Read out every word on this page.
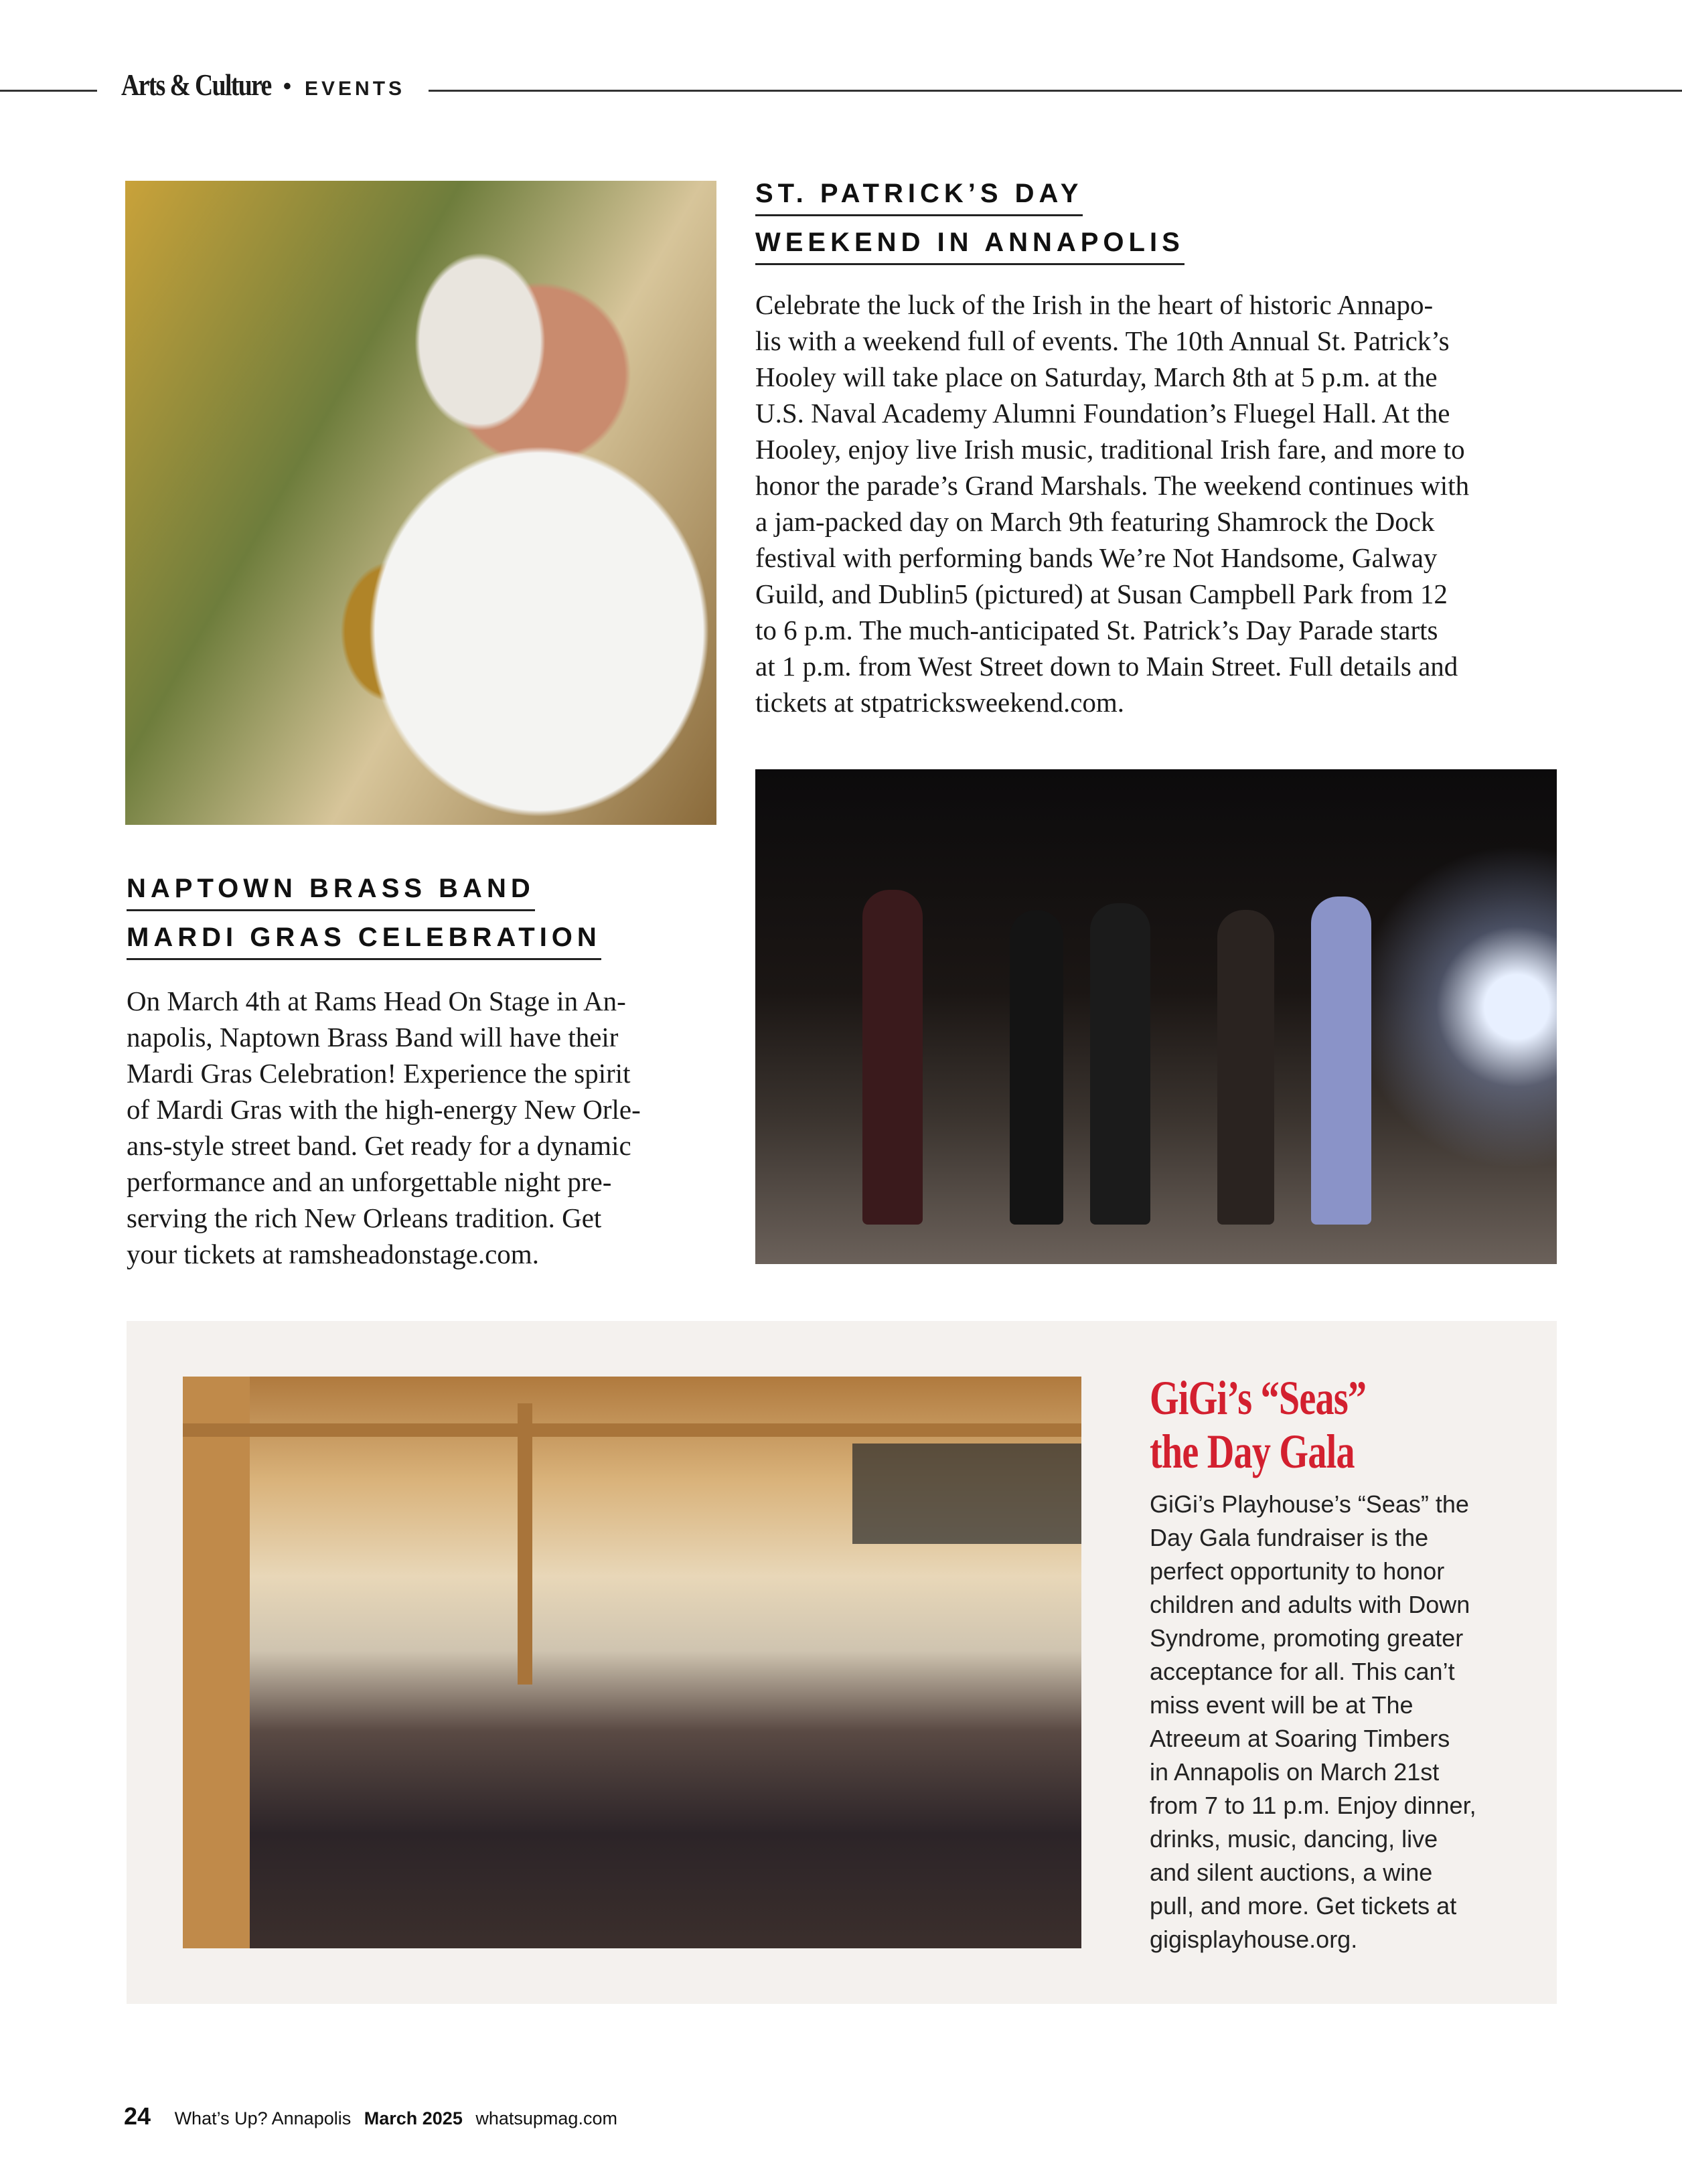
Arts & Culture • EVENTS
ST. PATRICK’S DAY
WEEKEND IN ANNAPOLIS
Celebrate the luck of the Irish in the heart of historic Annapo-
lis with a weekend full of events. The 10th Annual St. Patrick’s
Hooley will take place on Saturday, March 8th at 5 p.m. at the
U.S. Naval Academy Alumni Foundation’s Fluegel Hall. At the
Hooley, enjoy live Irish music, traditional Irish fare, and more to
honor the parade’s Grand Marshals. The weekend continues with
a jam-packed day on March 9th featuring Shamrock the Dock
festival with performing bands We’re Not Handsome, Galway
Guild, and Dublin5 (pictured) at Susan Campbell Park from 12
to 6 p.m. The much-anticipated St. Patrick’s Day Parade starts
at 1 p.m. from West Street down to Main Street. Full details and
tickets at stpatricksweekend.com.
NAPTOWN BRASS BAND
MARDI GRAS CELEBRATION
On March 4th at Rams Head On Stage in An-
napolis, Naptown Brass Band will have their
Mardi Gras Celebration! Experience the spirit
of Mardi Gras with the high-energy New Orle-
ans-style street band. Get ready for a dynamic
performance and an unforgettable night pre-
serving the rich New Orleans tradition. Get
your tickets at ramsheadonstage.com.
GiGi’s “Seas”
the Day Gala
GiGi’s Playhouse’s “Seas” the
Day Gala fundraiser is the
perfect opportunity to honor
children and adults with Down
Syndrome, promoting greater
acceptance for all. This can’t
miss event will be at The
Atreeum at Soaring Timbers
in Annapolis on March 21st
from 7 to 11 p.m. Enjoy dinner,
drinks, music, dancing, live
and silent auctions, a wine
pull, and more. Get tickets at
gigisplayhouse.org.
24 What’s Up? Annapolis March 2025 whatsupmag.com
